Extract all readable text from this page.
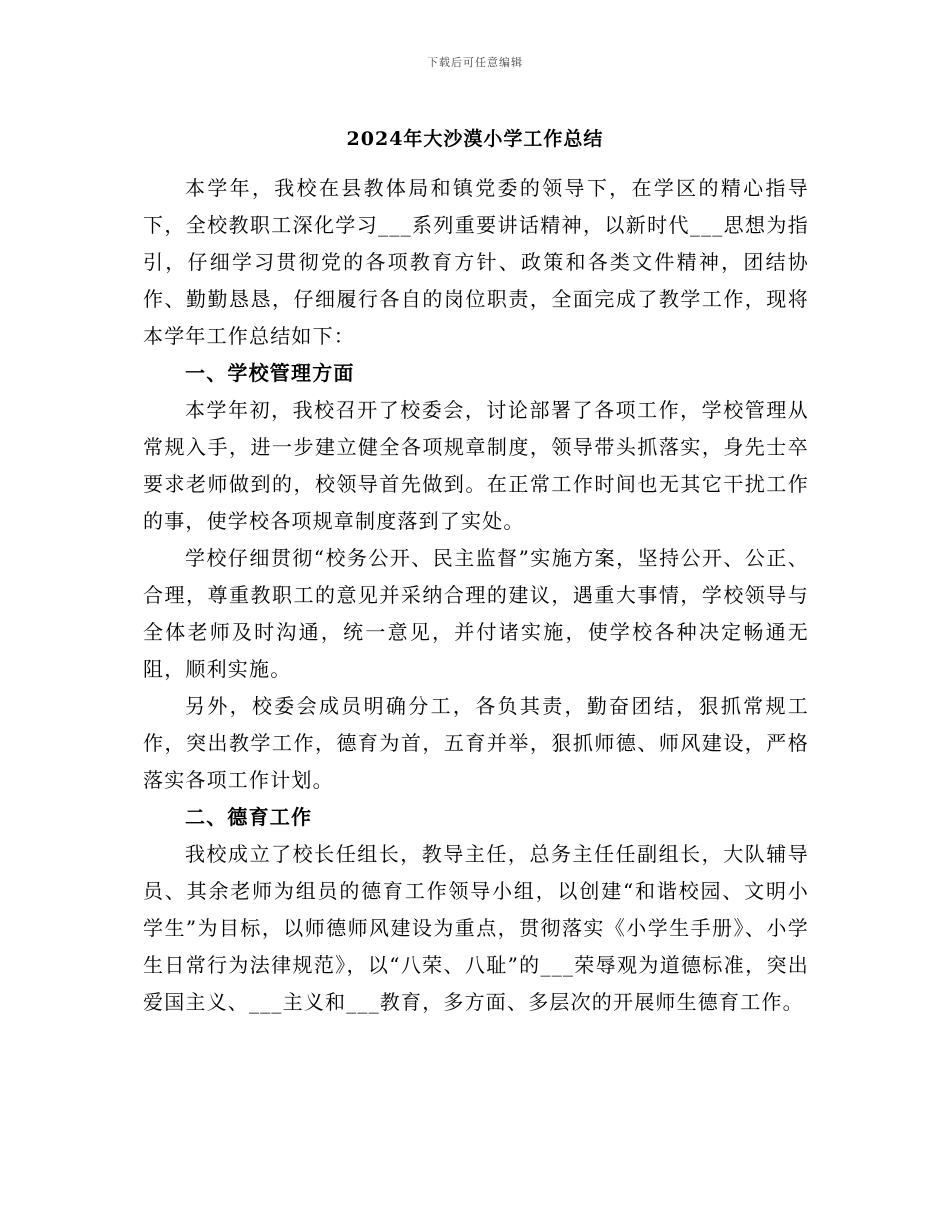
下载后可任意编辑
2024年大沙漠小学工作总结

本学年，我校在县教体局和镇党委的领导下，在学区的精心指导下，全校教职工深化学习___系列重要讲话精神，以新时代___思想为指引，仔细学习贯彻党的各项教育方针、政策和各类文件精神，团结协作、勤勤恳恳，仔细履行各自的岗位职责，全面完成了教学工作，现将本学年工作总结如下：

一、学校管理方面

本学年初，我校召开了校委会，讨论部署了各项工作，学校管理从常规入手，进一步建立健全各项规章制度，领导带头抓落实，身先士卒要求老师做到的，校领导首先做到。在正常工作时间也无其它干扰工作的事，使学校各项规章制度落到了实处。

学校仔细贯彻“校务公开、民主监督”实施方案，坚持公开、公正、合理，尊重教职工的意见并采纳合理的建议，遇重大事情，学校领导与全体老师及时沟通，统一意见，并付诸实施，使学校各种决定畅通无阻，顺利实施。

另外，校委会成员明确分工，各负其责，勤奋团结，狠抓常规工作，突出教学工作，德育为首，五育并举，狠抓师德、师风建设，严格落实各项工作计划。

二、德育工作

我校成立了校长任组长，教导主任，总务主任任副组长，大队辅导员、其余老师为组员的德育工作领导小组，以创建“和谐校园、文明小学生”为目标，以师德师风建设为重点，贯彻落实《小学生手册》、小学生日常行为法律规范》，以“八荣、八耻”的___荣辱观为道德标准，突出爱国主义、___主义和___教育，多方面、多层次的开展师生德育工作。
